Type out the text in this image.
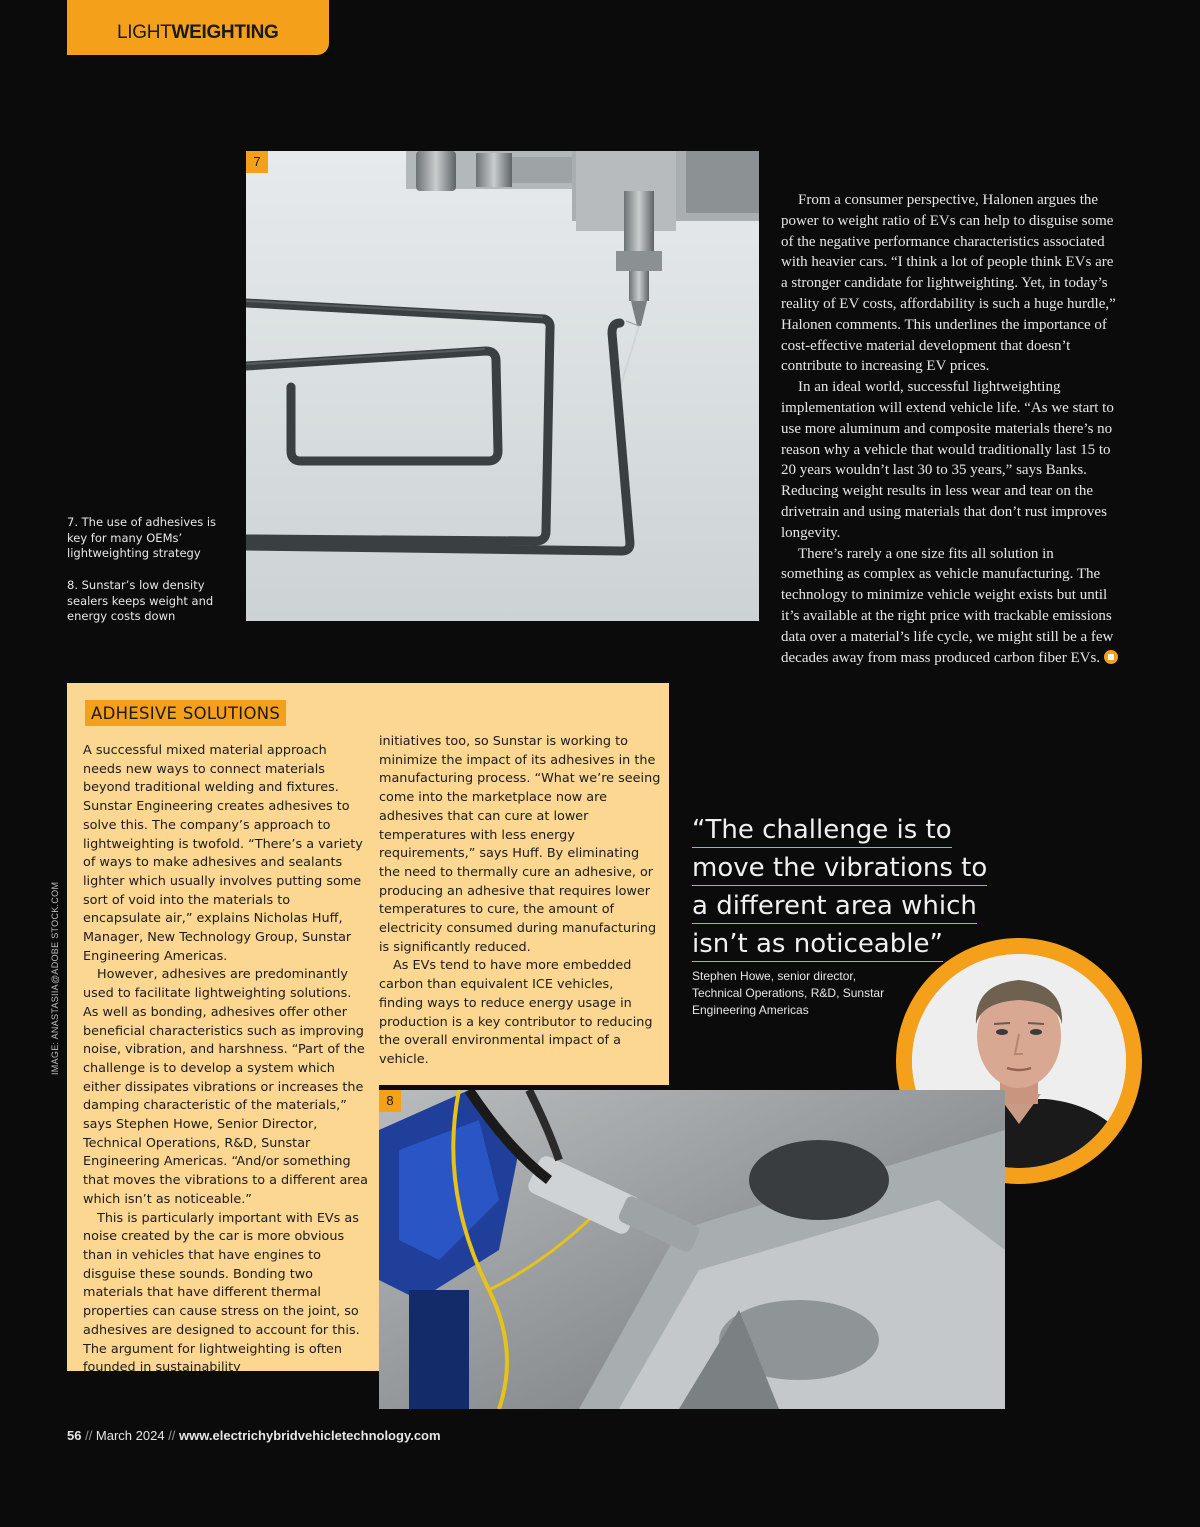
LIGHTWEIGHTING
7
7. The use of adhesives is key for many OEMs’ lightweighting strategy
8. Sunstar’s low density sealers keeps weight and energy costs down

From a consumer perspective, Halonen argues the power to weight ratio of EVs can help to disguise some of the negative performance characteristics associated with heavier cars. “I think a lot of people think EVs are a stronger candidate for lightweighting. Yet, in today’s reality of EV costs, affordability is such a huge hurdle,” Halonen comments. This underlines the importance of cost-effective material development that doesn’t contribute to increasing EV prices.

In an ideal world, successful lightweighting implementation will extend vehicle life. “As we start to use more aluminum and composite materials there’s no reason why a vehicle that would traditionally last 15 to 20 years wouldn’t last 30 to 35 years,” says Banks. Reducing weight results in less wear and tear on the drivetrain and using materials that don’t rust improves longevity.

There’s rarely a one size fits all solution in something as complex as vehicle manufacturing. The technology to minimize vehicle weight exists but until it’s available at the right price with trackable emissions data over a material’s life cycle, we might still be a few decades away from mass produced carbon fiber EVs.

ADHESIVE SOLUTIONS

A successful mixed material approach needs new ways to connect materials beyond traditional welding and fixtures. Sunstar Engineering creates adhesives to solve this. The company’s approach to lightweighting is twofold. “There’s a variety of ways to make adhesives and sealants lighter which usually involves putting some sort of void into the materials to encapsulate air,” explains Nicholas Huff, Manager, New Technology Group, Sunstar Engineering Americas.

However, adhesives are predominantly used to facilitate lightweighting solutions. As well as bonding, adhesives offer other beneficial characteristics such as improving noise, vibration, and harshness. “Part of the challenge is to develop a system which either dissipates vibrations or increases the damping characteristic of the materials,” says Stephen Howe, Senior Director, Technical Operations, R&D, Sunstar Engineering Americas. “And/or something that moves the vibrations to a different area which isn’t as noticeable.”

This is particularly important with EVs as noise created by the car is more obvious than in vehicles that have engines to disguise these sounds. Bonding two materials that have different thermal properties can cause stress on the joint, so adhesives are designed to account for this. The argument for lightweighting is often founded in sustainability

initiatives too, so Sunstar is working to minimize the impact of its adhesives in the manufacturing process. “What we’re seeing come into the marketplace now are adhesives that can cure at lower temperatures with less energy requirements,” says Huff. By eliminating the need to thermally cure an adhesive, or producing an adhesive that requires lower temperatures to cure, the amount of electricity consumed during manufacturing is significantly reduced.

As EVs tend to have more embedded carbon than equivalent ICE vehicles, finding ways to reduce energy usage in production is a key contributor to reducing the overall environmental impact of a vehicle.

“The challenge is to
move the vibrations to
a different area which
isn’t as noticeable”
Stephen Howe, senior director,
Technical Operations, R&D, Sunstar
Engineering Americas
8
IMAGE: ANASTASIIA@ADOBE STOCK.COM
56 // March 2024 // www.electrichybridvehicletechnology.com
